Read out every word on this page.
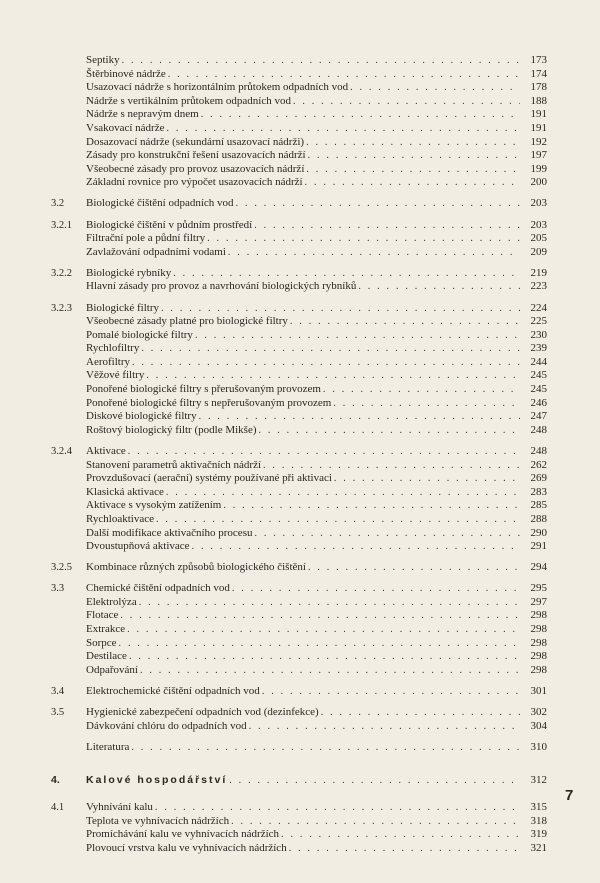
Septiky . . .	173
Štěrbinové nádrže . . .	174
Usazovací nádrže s horizontálním průtokem odpadních vod . . .	178
Nádrže s vertikálním průtokem odpadních vod . . .	188
Nádrže s nepravým dnem . . .	191
Vsakovací nádrže . . .	191
Dosazovací nádrže (sekundární usazovací nádrži) . . .	192
Zásady pro konstrukční řešení usazovacích nádrží . . .	197
Všeobecné zásady pro provoz usazovacích nádrží . . .	199
Základní rovnice pro výpočet usazovacích nádrží . . .	200
3.2	Biologické čištění odpadních vod . . .	203
3.2.1	Biologické čištění v půdním prostředí . . .	203
Filtrační pole a půdní filtry . . .	205
Zavlažování odpadními vodami . . .	209
3.2.2	Biologické rybníky . . .	219
Hlavní zásady pro provoz a navrhování biologických rybníků . . .	223
3.2.3	Biologické filtry . . .	224
Všeobecné zásady platné pro biologické filtry . . .	225
Pomalé biologické filtry . . .	230
Rychlofiltry . . .	239
Aerofiltry . . .	244
Věžové filtry . . .	245
Ponořené biologické filtry s přerušovaným provozem . . .	245
Ponořené biologické filtry s nepřerušovaným provozem . . .	246
Diskové biologické filtry . . .	247
Roštový biologický filtr (podle Mikše) . . .	248
3.2.4	Aktivace . . .	248
Stanovení parametrů aktivačních nádrží . . .	262
Provzdušovací (aerační) systémy používané při aktivaci . . .	269
Klasická aktivace . . .	283
Aktivace s vysokým zatížením . . .	285
Rychloaktivace . . .	288
Další modifikace aktivačního procesu . . .	290
Dvoustupňová aktivace . . .	291
3.2.5	Kombinace různých způsobů biologického čištění . . .	294
3.3	Chemické čištění odpadních vod . . .	295
Elektrolýza . . .	297
Flotace . . .	298
Extrakce . . .	298
Sorpce . . .	298
Destilace . . .	298
Odpařování . . .	298
3.4	Elektrochemické čištění odpadních vod . . .	301
3.5	Hygienické zabezpečení odpadních vod (dezinfekce) . . .	302
Dávkování chlóru do odpadních vod . . .	304
Literatura . . .	310
4.	Kalové hospodářství . . .	312
4.1	Vyhnívání kalu . . .	315
Teplota ve vyhnívacích nádržích . . .	318
Promíchávání kalu ve vyhnívacích nádržích . . .	319
Plovoucí vrstva kalu ve vyhnívacích nádržích . . .	321
7
